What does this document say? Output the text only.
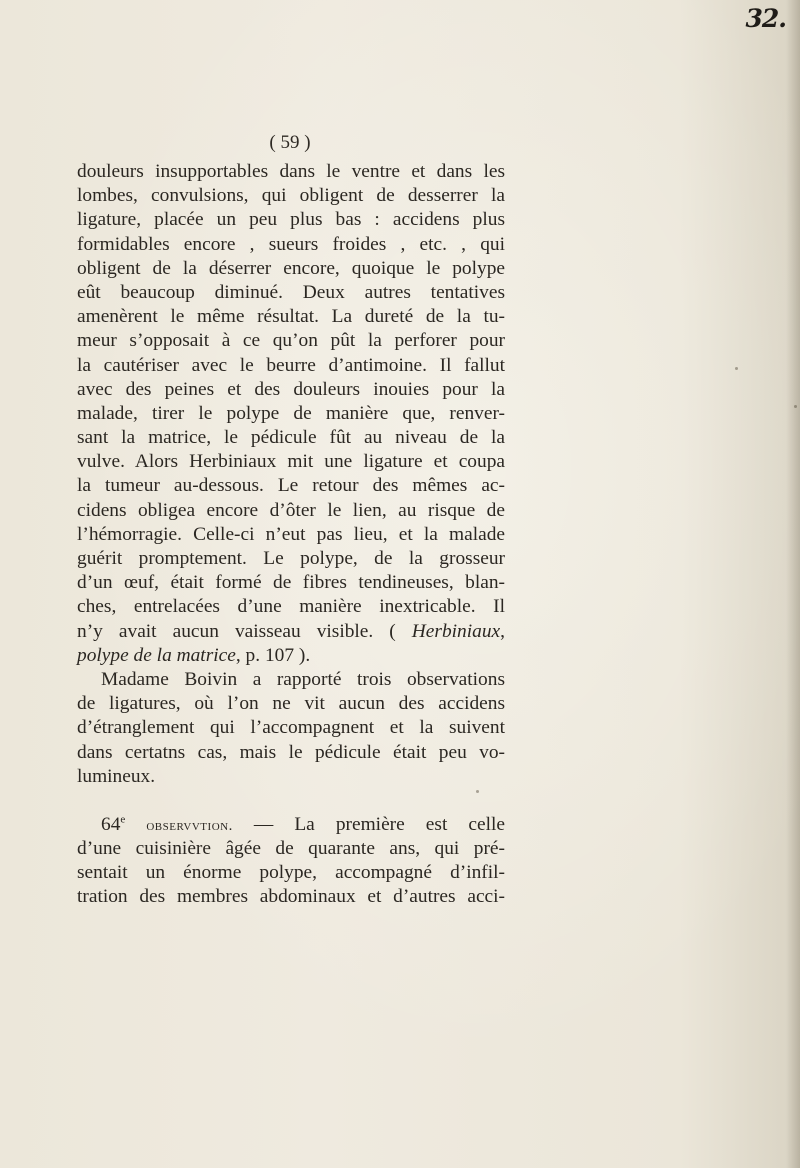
32.
( 59 )
douleurs insupportables dans le ventre et dans les
lombes, convulsions, qui obligent de desserrer la
ligature, placée un peu plus bas : accidens plus
formidables encore , sueurs froides , etc. , qui
obligent de la déserrer encore, quoique le polype
eût beaucoup diminué. Deux autres tentatives
amenèrent le même résultat. La dureté de la tu-
meur s’opposait à ce qu’on pût la perforer pour
la cautériser avec le beurre d’antimoine. Il fallut
avec des peines et des douleurs inouies pour la
malade, tirer le polype de manière que, renver-
sant la matrice, le pédicule fût au niveau de la
vulve. Alors Herbiniaux mit une ligature et coupa
la tumeur au-dessous. Le retour des mêmes ac-
cidens obligea encore d’ôter le lien, au risque de
l’hémorragie. Celle-ci n’eut pas lieu, et la malade
guérit promptement. Le polype, de la grosseur
d’un œuf, était formé de fibres tendineuses, blan-
ches, entrelacées d’une manière inextricable. Il
n’y avait aucun vaisseau visible. ( Herbiniaux,
polype de la matrice, p. 107 ).
Madame Boivin a rapporté trois observations
de ligatures, où l’on ne vit aucun des accidens
d’étranglement qui l’accompagnent et la suivent
dans certatns cas, mais le pédicule était peu vo-
lumineux.
64e observvtion. — La première est celle
d’une cuisinière âgée de quarante ans, qui pré-
sentait un énorme polype, accompagné d’infil-
tration des membres abdominaux et d’autres acci-
